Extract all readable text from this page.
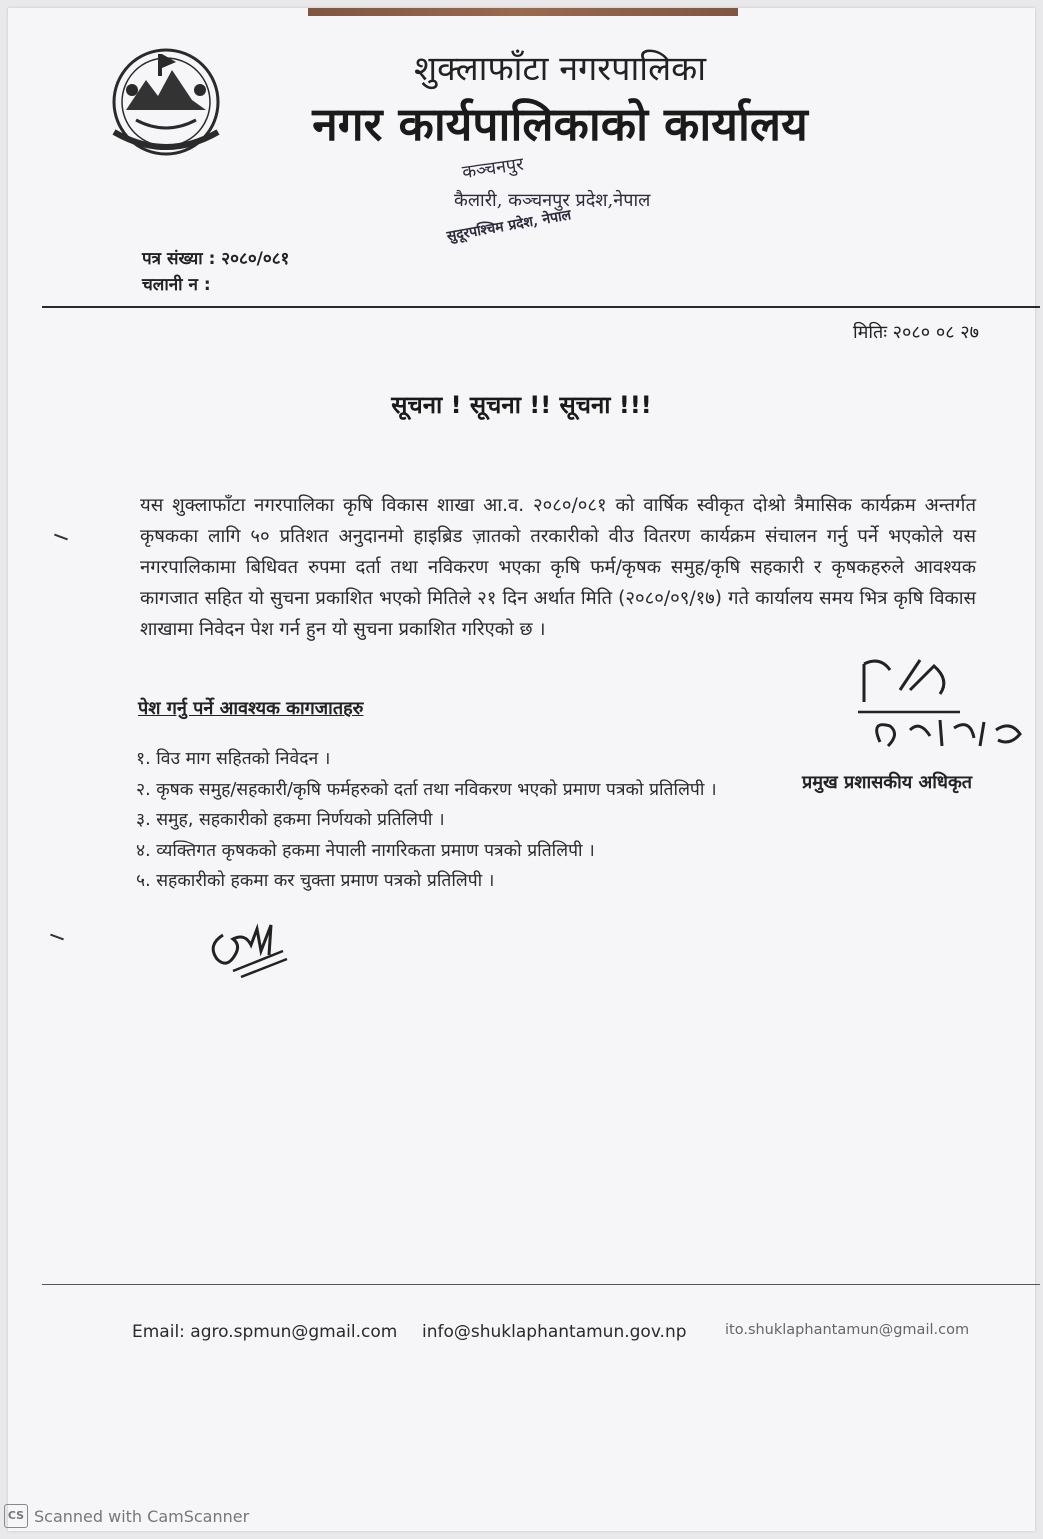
शुक्लाफाँटा नगरपालिका
नगर कार्यपालिकाको कार्यालय
कञ्चनपुर
कैलारी, कञ्चनपुर प्रदेश,नेपाल
सुदूरपश्चिम प्रदेश, नेपाल
पत्र संख्या : २०८०/०८१
चलानी न :
मितिः २०८० ०८ २७
सूचना ! सूचना !! सूचना !!!
यस शुक्लाफाँटा नगरपालिका कृषि विकास शाखा आ.व. २०८०/०८१ को वार्षिक स्वीकृत दोश्रो त्रैमासिक कार्यक्रम अन्तर्गत कृषकका लागि ५० प्रतिशत अनुदानमो हाइब्रिड ज़ातको तरकारीको वीउ वितरण कार्यक्रम संचालन गर्नु पर्ने भएकोले यस नगरपालिकामा बिधिवत रुपमा दर्ता तथा नविकरण भएका कृषि फर्म/कृषक समुह/कृषि सहकारी र कृषकहरुले आवश्यक कागजात सहित यो सुचना प्रकाशित भएको मितिले २१ दिन अर्थात मिति (२०८०/०९/१७) गते कार्यालय समय भित्र कृषि विकास शाखामा निवेदन पेश गर्न हुन यो सुचना प्रकाशित गरिएको छ ।
प्रमुख प्रशासकीय अधिकृत
पेश गर्नु पर्ने आवश्यक कागजातहरु
१. विउ माग सहितको निवेदन ।
२. कृषक समुह/सहकारी/कृषि फर्महरुको दर्ता तथा नविकरण भएको प्रमाण पत्रको प्रतिलिपी ।
३. समुह, सहकारीको हकमा निर्णयको प्रतिलिपी ।
४. व्यक्तिगत कृषकको हकमा नेपाली नागरिकता प्रमाण पत्रको प्रतिलिपी ।
५. सहकारीको हकमा कर चुक्ता प्रमाण पत्रको प्रतिलिपी ।
Email: agro.spmun@gmail.com info@shuklaphantamun.gov.np	ito.shuklaphantamun@gmail.com
CS Scanned with CamScanner
